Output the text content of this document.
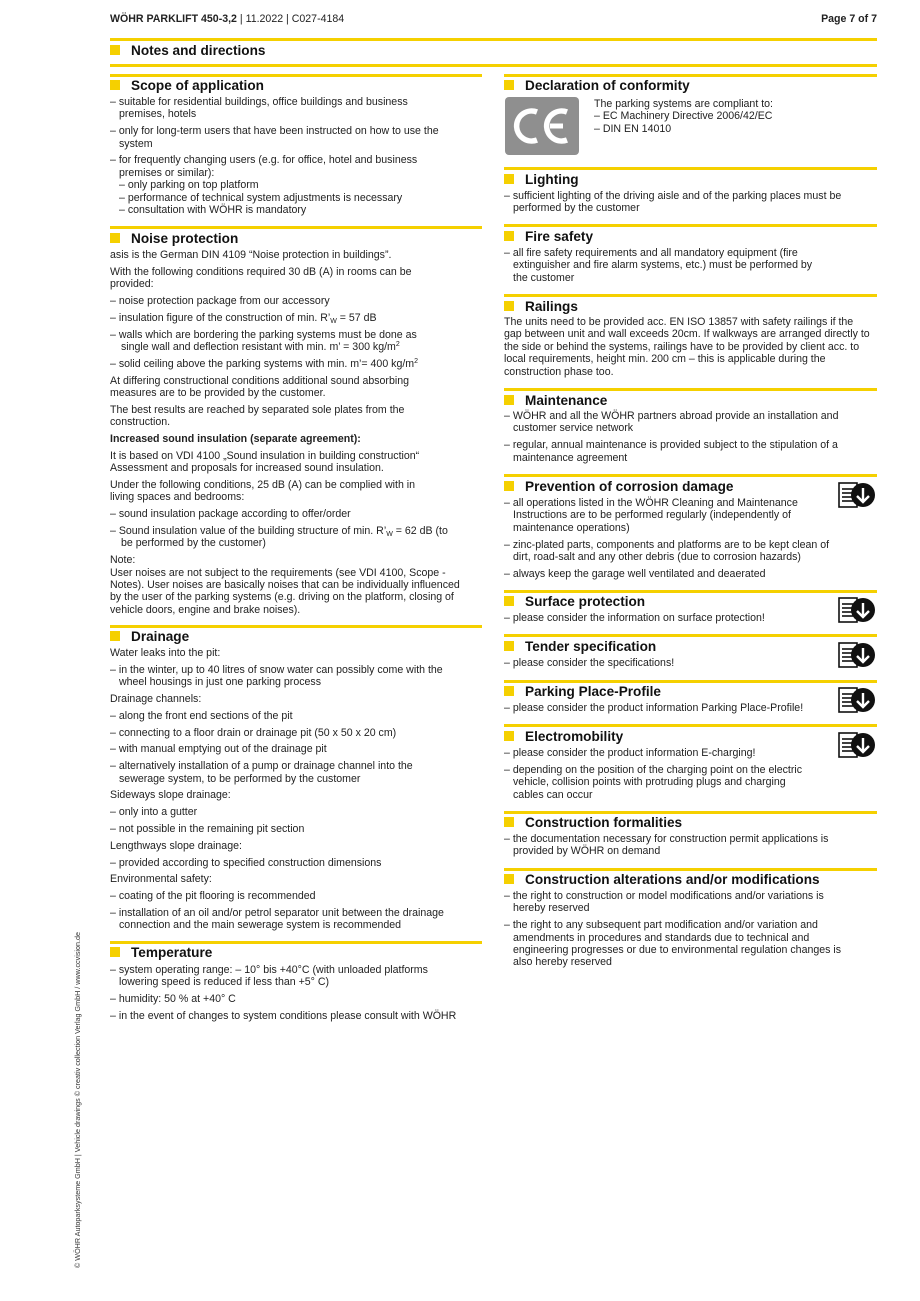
WÖHR PARKLIFT 450-3,2 | 11.2022 | C027-4184	Page 7 of 7
Notes and directions
© WÖHR Autoparksysteme GmbH | Vehicle drawings © creativ collection Verlag GmbH / www.ccvision.de
Scope of application

– suitable for residential buildings, office buildings and business premises, hotels

– only for long-term users that have been instructed on how to use the system

– for frequently changing users (e.g. for office, hotel and business premises or similar):

– only parking on top platform

– performance of technical system adjustments is necessary

– consultation with WÖHR is mandatory

Noise protection

asis is the German DIN 4109 “Noise protection in buildings”.

With the following conditions required 30 dB (A) in rooms can be provided:

– noise protection package from our accessory

– insulation figure of the construction of min. $R’_W = 57$ dB

– walls which are bordering the parking systems must be done as single wall and deflection resistant with min. m’ = 300 $kg/m^2$

– solid ceiling above the parking systems with min. m’= 400 $kg/m^2$

At differing constructional conditions additional sound absorbing measures are to be provided by the customer.

The best results are reached by separated sole plates from the construction.

Increased sound insulation (separate agreement):

It is based on VDI 4100 „Sound insulation in building construction“ Assessment and proposals for increased sound insulation.

Under the following conditions, 25 dB (A) can be complied with in living spaces and bedrooms:

– sound insulation package according to offer/order

– Sound insulation value of the building structure of min. $R’_W = 62$ dB (to be performed by the customer)

Note:

User noises are not subject to the requirements (see VDI 4100, Scope - Notes). User noises are basically noises that can be individually influenced by the user of the parking systems (e.g. driving on the platform, closing of vehicle doors, engine and brake noises).

Drainage

Water leaks into the pit:

– in the winter, up to 40 litres of snow water can possibly come with the wheel housings in just one parking process

Drainage channels:

– along the front end sections of the pit

– connecting to a floor drain or drainage pit (50 x 50 x 20 cm)

– with manual emptying out of the drainage pit

– alternatively installation of a pump or drainage channel into the sewerage system, to be performed by the customer

Sideways slope drainage:

– only into a gutter

– not possible in the remaining pit section

Lengthways slope drainage:

– provided according to specified construction dimensions

Environmental safety:

– coating of the pit flooring is recommended

– installation of an oil and/or petrol separator unit between the drainage connection and the main sewerage system is recommended

Temperature

– system operating range: – 10° bis +40°C (with unloaded platforms lowering speed is reduced if less than +5° C)

– humidity: 50 % at +40° C

– in the event of changes to system conditions please consult with WÖHR

Declaration of conformity

The parking systems are compliant to:

– EC Machinery Directive 2006/42/EC

– DIN EN 14010

Lighting

– sufficient lighting of the driving aisle and of the parking places must be performed by the customer

Fire safety

– all fire safety requirements and all mandatory equipment (fire extinguisher and fire alarm systems, etc.) must be performed by the customer

Railings

The units need to be provided acc. EN ISO 13857 with safety railings if the gap between unit and wall exceeds 20cm. If walkways are arranged directly to the side or behind the systems, railings have to be provided by client acc. to local requirements, height min. 200 cm – this is applicable during the construction phase too.

Maintenance

– WÖHR and all the WÖHR partners abroad provide an installation and customer service network

– regular, annual maintenance is provided subject to the stipulation of a maintenance agreement

Prevention of corrosion damage

– all operations listed in the WÖHR Cleaning and Maintenance Instructions are to be performed regularly (independently of maintenance operations)

– zinc-plated parts, components and platforms are to be kept clean of dirt, road-salt and any other debris (due to corrosion hazards)

– always keep the garage well ventilated and deaerated

Surface protection

– please consider the information on surface protection!

Tender specification

– please consider the specifications!

Parking Place-Profile

– please consider the product information Parking Place-Profile!

Electromobility

– please consider the product information E-charging!

– depending on the position of the charging point on the electric vehicle, collision points with protruding plugs and charging cables can occur

Construction formalities

– the documentation necessary for construction permit applications is provided by WÖHR on demand

Construction alterations and/or modifications

– the right to construction or model modifications and/or variations is hereby reserved

– the right to any subsequent part modification and/or variation and amendments in procedures and standards due to technical and engineering progresses or due to environmental regulation changes is also hereby reserved
